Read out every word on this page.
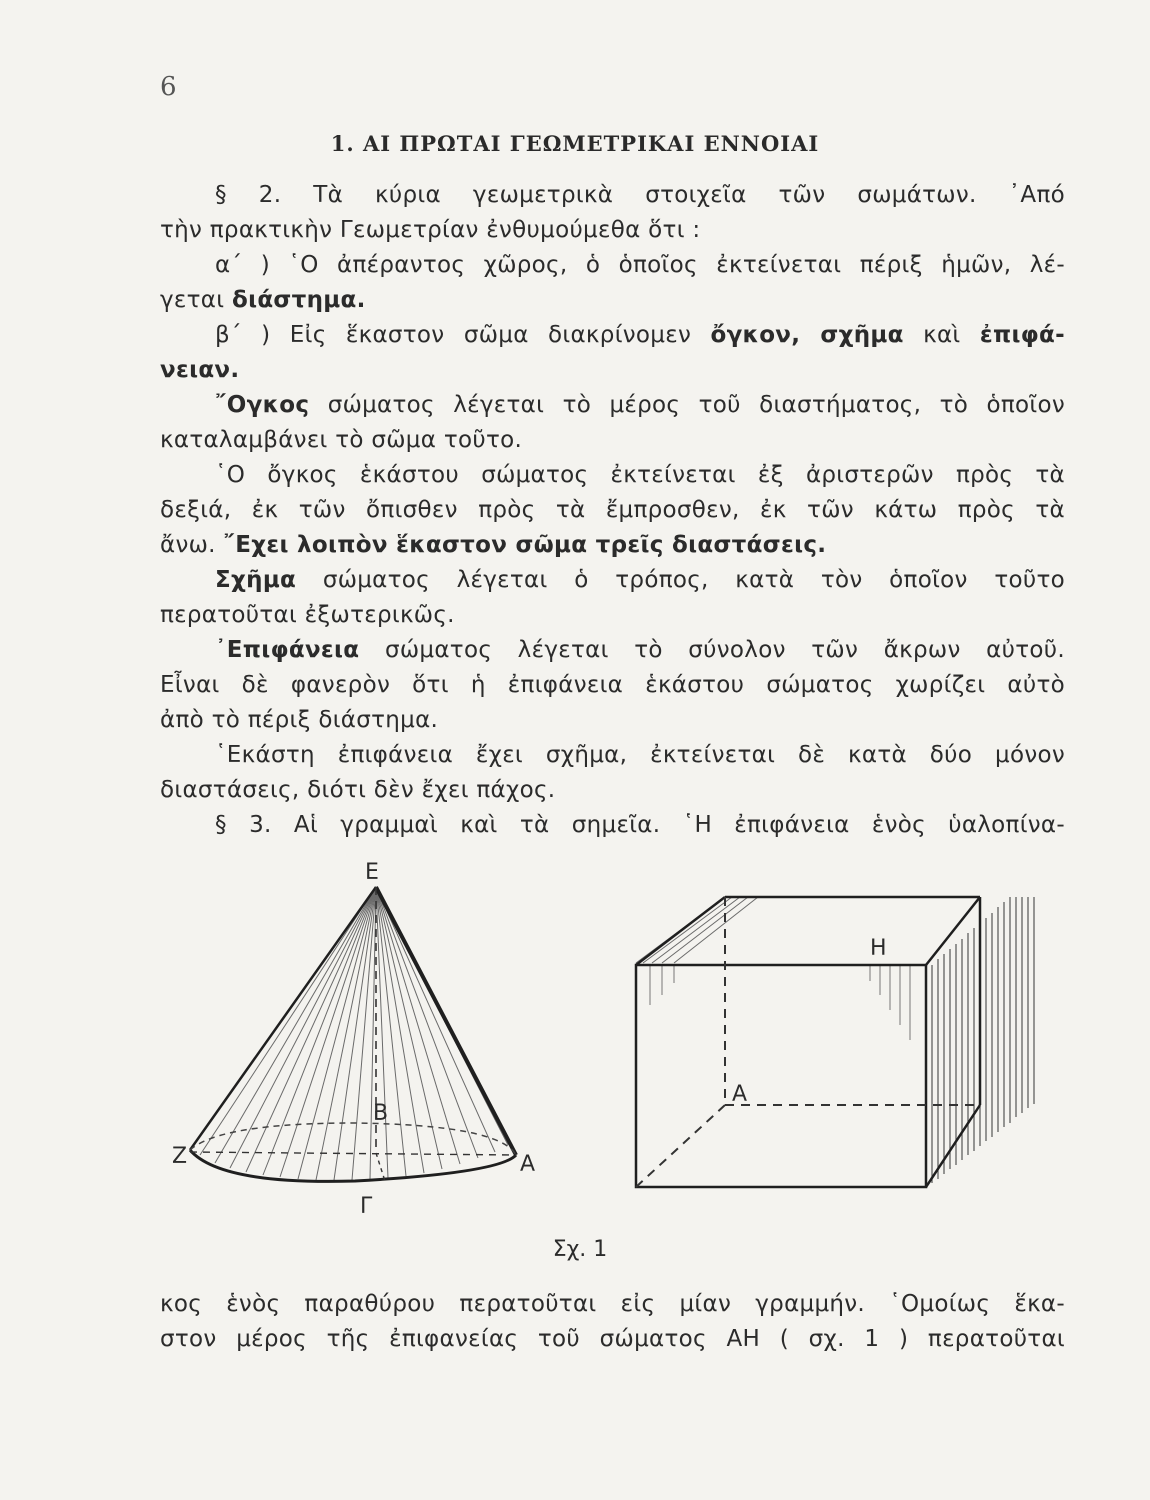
6
1. ΑΙ ΠΡΩΤΑΙ ΓΕΩΜΕΤΡΙΚΑΙ ΕΝΝΟΙΑΙ
§ 2. Τὰ κύρια γεωμετρικὰ στοιχεῖα τῶν σωμάτων. ᾿Από
τὴν πρακτικὴν Γεωμετρίαν ἐνθυμούμεθα ὅτι :
α´ ) ῾Ο ἀπέραντος χῶρος, ὁ ὁποῖος ἐκτείνεται πέριξ ἡμῶν, λέ-
γεται διάστημα.
β´ ) Εἰς ἕκαστον σῶμα διακρίνομεν ὄγκον, σχῆμα καὶ ἐπιφά-
νειαν.
῎Ογκος σώματος λέγεται τὸ μέρος τοῦ διαστήματος, τὸ ὁποῖον
καταλαμβάνει τὸ σῶμα τοῦτο.
῾Ο ὄγκος ἑκάστου σώματος ἐκτείνεται ἐξ ἀριστερῶν πρὸς τὰ
δεξιά, ἐκ τῶν ὄπισθεν πρὸς τὰ ἔμπροσθεν, ἐκ τῶν κάτω πρὸς τὰ
ἄνω. ῎Εχει λοιπὸν ἕκαστον σῶμα τρεῖς διαστάσεις.
Σχῆμα σώματος λέγεται ὁ τρόπος, κατὰ τὸν ὁποῖον τοῦτο
περατοῦται ἐξωτερικῶς.
᾿Επιφάνεια σώματος λέγεται τὸ σύνολον τῶν ἄκρων αὐτοῦ.
Εἶναι δὲ φανερὸν ὅτι ἡ ἐπιφάνεια ἑκάστου σώματος χωρίζει αὐτὸ
ἀπὸ τὸ πέριξ διάστημα.
῾Εκάστη ἐπιφάνεια ἔχει σχῆμα, ἐκτείνεται δὲ κατὰ δύο μόνον
διαστάσεις, διότι δὲν ἔχει πάχος.
§ 3. Αἱ γραμμαὶ καὶ τὰ σημεῖα. ῾Η ἐπιφάνεια ἑνὸς ὑαλοπίνα-
Ε
Β
Ζ	Α
Γ
Η
Α
Σχ. 1
κος ἑνὸς παραθύρου περατοῦται εἰς μίαν γραμμήν. ῾Ομοίως ἕκα-
στον μέρος τῆς ἐπιφανείας τοῦ σώματος ΑΗ ( σχ. 1 ) περατοῦται
